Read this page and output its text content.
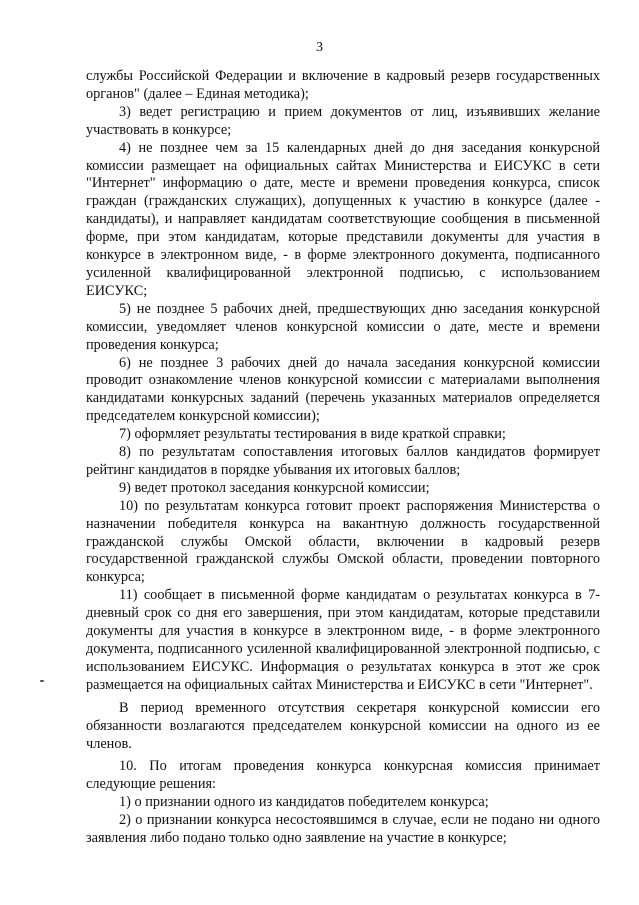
3

службы Российской Федерации и включение в кадровый резерв государственных органов" (далее – Единая методика);

3) ведет регистрацию и прием документов от лиц, изъявивших желание участвовать в конкурсе;

4) не позднее чем за 15 календарных дней до дня заседания конкурсной комиссии размещает на официальных сайтах Министерства и ЕИСУКС в сети "Интернет" информацию о дате, месте и времени проведения конкурса, список граждан (гражданских служащих), допущенных к участию в конкурсе (далее - кандидаты), и направляет кандидатам соответствующие сообщения в письменной форме, при этом кандидатам, которые представили документы для участия в конкурсе в электронном виде, - в форме электронного документа, подписанного усиленной квалифицированной электронной подписью, с использованием ЕИСУКС;

5) не позднее 5 рабочих дней, предшествующих дню заседания конкурсной комиссии, уведомляет членов конкурсной комиссии о дате, месте и времени проведения конкурса;

6) не позднее 3 рабочих дней до начала заседания конкурсной комиссии проводит ознакомление членов конкурсной комиссии с материалами выполнения кандидатами конкурсных заданий (перечень указанных материалов определяется председателем конкурсной комиссии);

7) оформляет результаты тестирования в виде краткой справки;

8) по результатам сопоставления итоговых баллов кандидатов формирует рейтинг кандидатов в порядке убывания их итоговых баллов;

9) ведет протокол заседания конкурсной комиссии;

10) по результатам конкурса готовит проект распоряжения Министерства о назначении победителя конкурса на вакантную должность государственной гражданской службы Омской области, включении в кадровый резерв государственной гражданской службы Омской области, проведении повторного конкурса;

11) сообщает в письменной форме кандидатам о результатах конкурса в 7-дневный срок со дня его завершения, при этом кандидатам, которые представили документы для участия в конкурсе в электронном виде, - в форме электронного документа, подписанного усиленной квалифицированной электронной подписью, с использованием ЕИСУКС. Информация о результатах конкурса в этот же срок размещается на официальных сайтах Министерства и ЕИСУКС в сети "Интернет".

В период временного отсутствия секретаря конкурсной комиссии его обязанности возлагаются председателем конкурсной комиссии на одного из ее членов.

10. По итогам проведения конкурса конкурсная комиссия принимает следующие решения:

1) о признании одного из кандидатов победителем конкурса;

2) о признании конкурса несостоявшимся в случае, если не подано ни одного заявления либо подано только одно заявление на участие в конкурсе;
